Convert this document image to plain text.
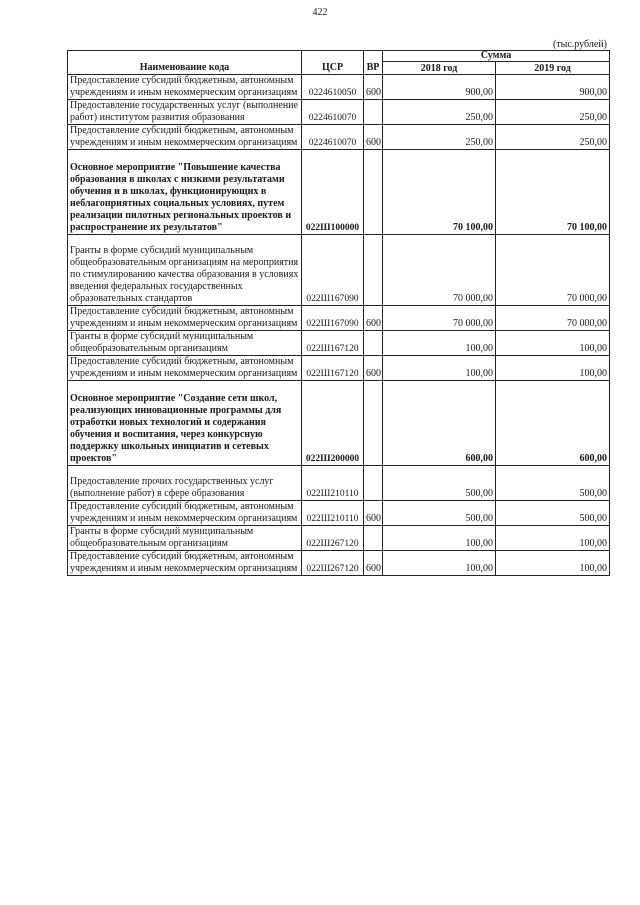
422
(тыс.рублей)
Наименование кода	ЦСР	ВР	Сумма	
			2018 год	2019 год
Предоставление субсидий бюджетным, автономным учреждениям и иным некоммерческим организациям	0224610050	600	900,00	900,00
Предоставление государственных услуг (выполнение работ) институтом развития образования	0224610070		250,00	250,00
Предоставление субсидий бюджетным, автономным учреждениям и иным некоммерческим организациям	0224610070	600	250,00	250,00
Основное мероприятие "Повышение качества образования в школах с низкими результатами обучения и в школах, функционирующих в неблагоприятных социальных условиях, путем реализации пилотных региональных проектов и распространение их результатов"	022Ш100000		70 100,00	70 100,00
Гранты в форме субсидий муниципальным общеобразовательным организациям на мероприятия по стимулированию качества образования в условиях введения федеральных государственных образовательных стандартов	022Ш167090		70 000,00	70 000,00
Предоставление субсидий бюджетным, автономным учреждениям и иным некоммерческим организациям	022Ш167090	600	70 000,00	70 000,00
Гранты в форме субсидий муниципальным общеобразовательным организациям	022Ш167120		100,00	100,00
Предоставление субсидий бюджетным, автономным учреждениям и иным некоммерческим организациям	022Ш167120	600	100,00	100,00
Основное мероприятие "Создание сети школ, реализующих инновационные программы для отработки новых технологий и содержания обучения и воспитания, через конкурсную поддержку школьных инициатив и сетевых проектов"	022Ш200000		600,00	600,00
Предоставление прочих государственных услуг (выполнение работ) в сфере образования	022Ш210110		500,00	500,00
Предоставление субсидий бюджетным, автономным учреждениям и иным некоммерческим организациям	022Ш210110	600	500,00	500,00
Гранты в форме субсидий муниципальным общеобразовательным организациям	022Ш267120		100,00	100,00
Предоставление субсидий бюджетным, автономным учреждениям и иным некоммерческим организациям	022Ш267120	600	100,00	100,00
